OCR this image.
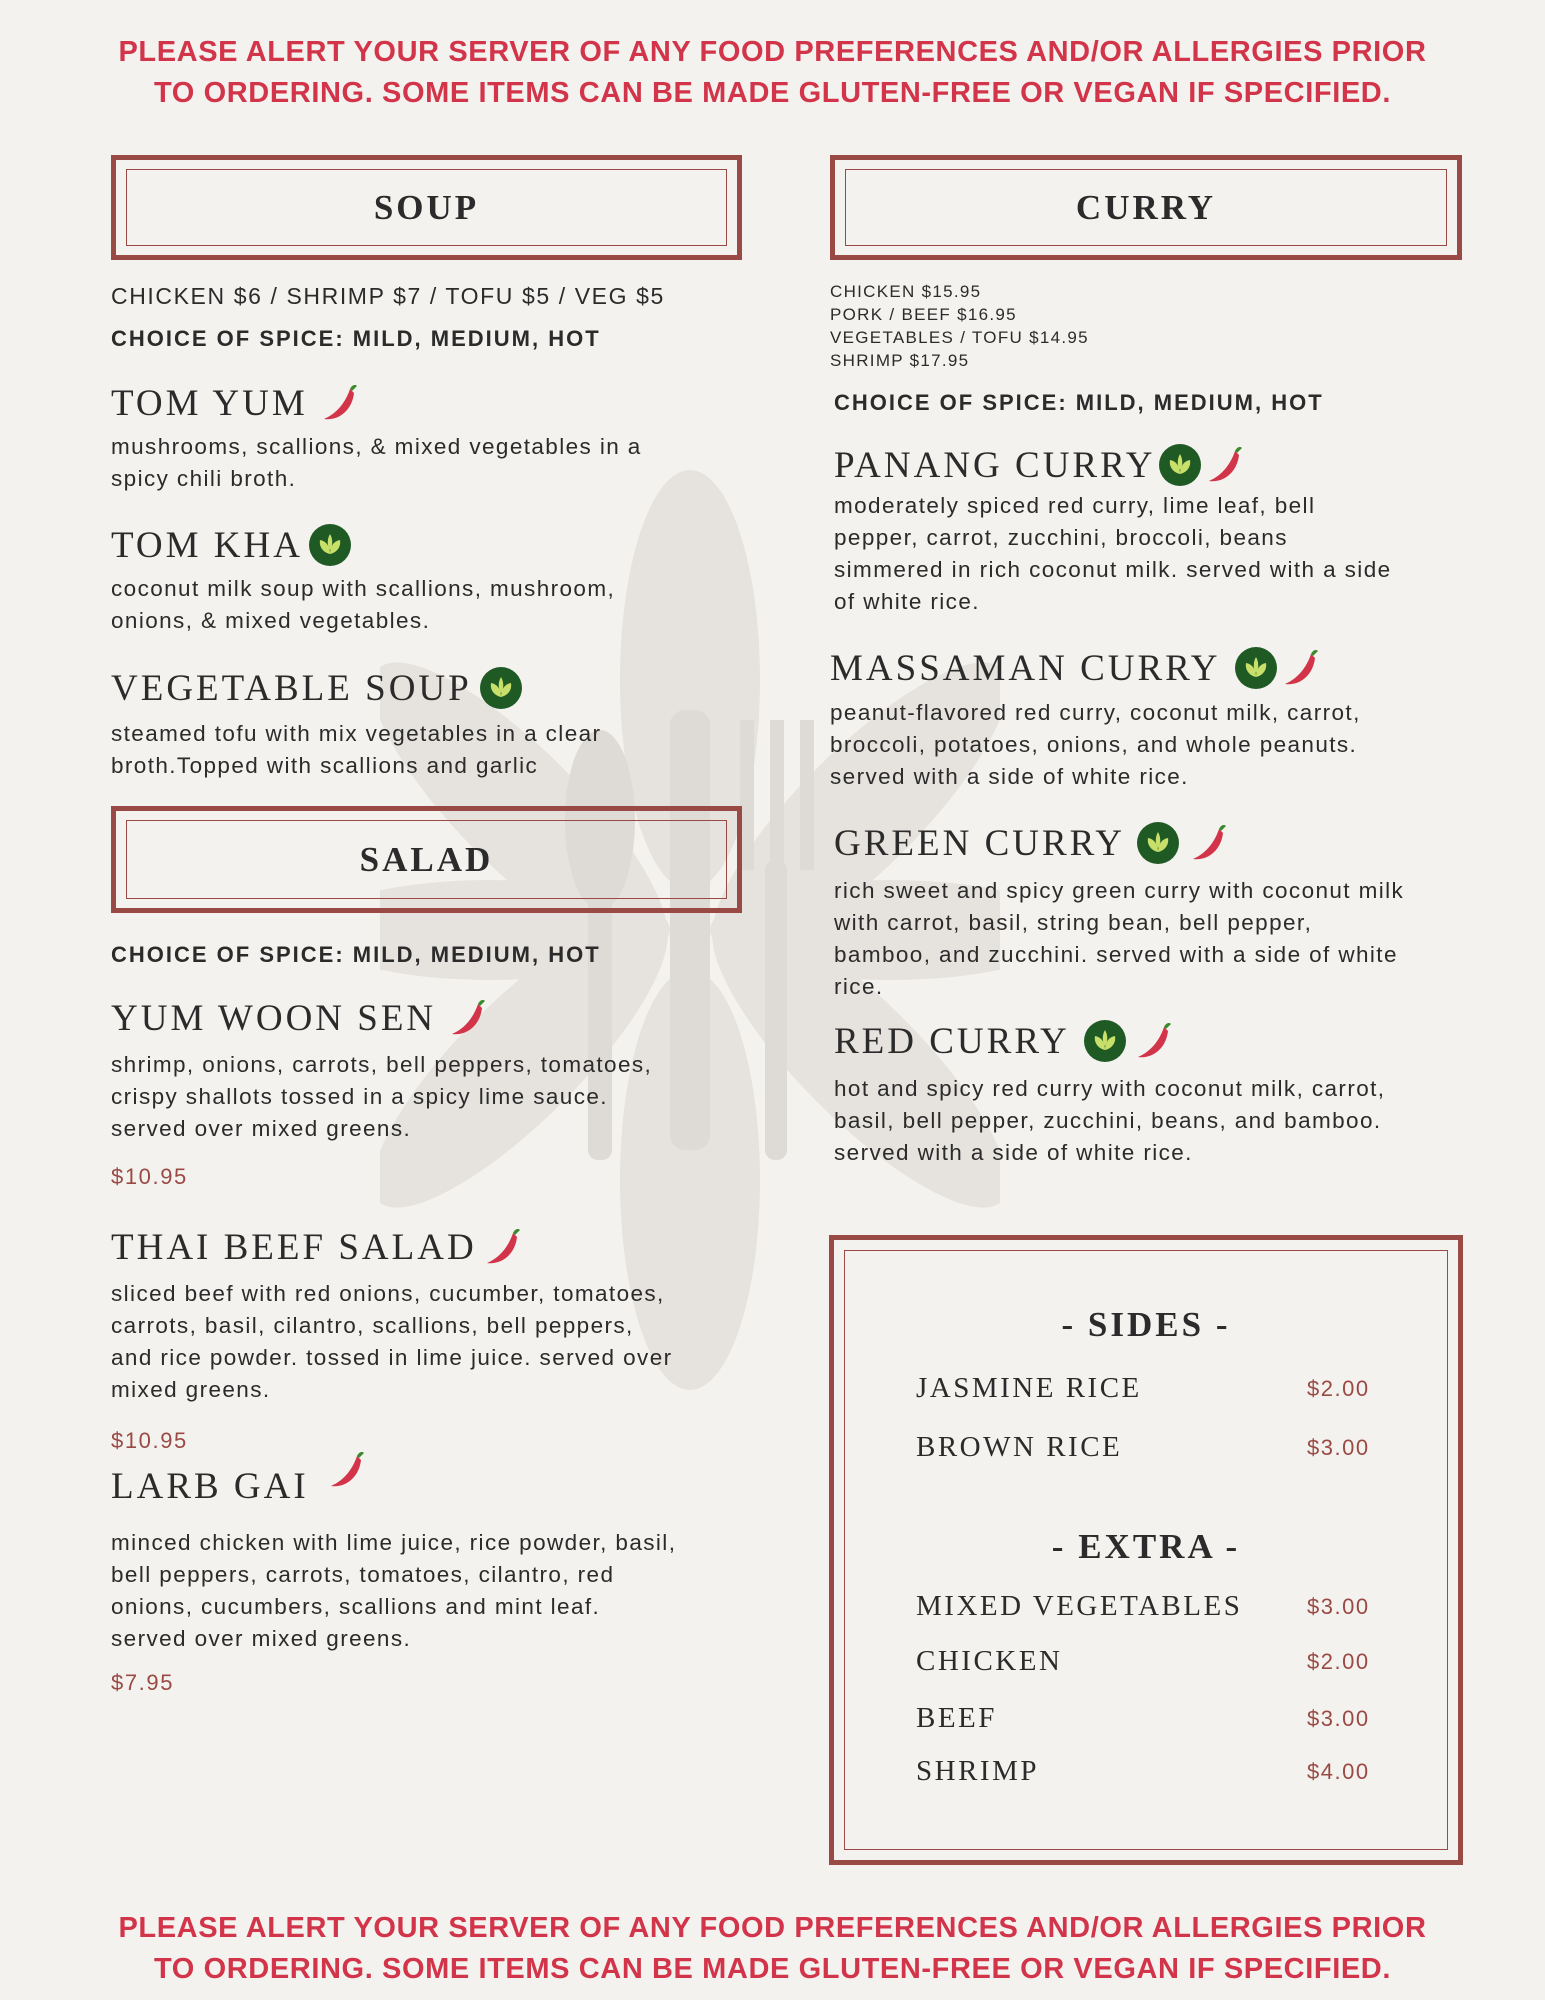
PLEASE ALERT YOUR SERVER OF ANY FOOD PREFERENCES AND/OR ALLERGIES PRIOR
TO ORDERING. SOME ITEMS CAN BE MADE GLUTEN-FREE OR VEGAN IF SPECIFIED.
SOUP
CHICKEN $6 / SHRIMP $7 / TOFU $5 / VEG $5
CHOICE OF SPICE: MILD, MEDIUM, HOT
TOM YUM
mushrooms, scallions, & mixed vegetables in a
spicy chili broth.
TOM KHA
coconut milk soup with scallions, mushroom,
onions, & mixed vegetables.
VEGETABLE SOUP
steamed tofu with mix vegetables in a clear
broth.Topped with scallions and garlic
SALAD
CHOICE OF SPICE: MILD, MEDIUM, HOT
YUM WOON SEN
shrimp, onions, carrots, bell peppers, tomatoes,
crispy shallots tossed in a spicy lime sauce.
served over mixed greens.
$10.95
THAI BEEF SALAD
sliced beef with red onions, cucumber, tomatoes,
carrots, basil, cilantro, scallions, bell peppers,
and rice powder. tossed in lime juice. served over
mixed greens.
$10.95
LARB GAI
minced chicken with lime juice, rice powder, basil,
bell peppers, carrots, tomatoes, cilantro, red
onions, cucumbers, scallions and mint leaf.
served over mixed greens.
$7.95
CURRY
CHICKEN $15.95
PORK / BEEF $16.95
VEGETABLES / TOFU $14.95
SHRIMP $17.95
CHOICE OF SPICE: MILD, MEDIUM, HOT
PANANG CURRY
moderately spiced red curry, lime leaf, bell
pepper, carrot, zucchini, broccoli, beans
simmered in rich coconut milk. served with a side
of white rice.
MASSAMAN CURRY
peanut-flavored red curry, coconut milk, carrot,
broccoli, potatoes, onions, and whole peanuts.
served with a side of white rice.
GREEN CURRY
rich sweet and spicy green curry with coconut milk
with carrot, basil, string bean, bell pepper,
bamboo, and zucchini. served with a side of white
rice.
RED CURRY
hot and spicy red curry with coconut milk, carrot,
basil, bell pepper, zucchini, beans, and bamboo.
served with a side of white rice.
- SIDES -
JASMINE RICE	$2.00
BROWN RICE	$3.00
- EXTRA -
MIXED VEGETABLES	$3.00
CHICKEN	$2.00
BEEF	$3.00
SHRIMP	$4.00
PLEASE ALERT YOUR SERVER OF ANY FOOD PREFERENCES AND/OR ALLERGIES PRIOR
TO ORDERING. SOME ITEMS CAN BE MADE GLUTEN-FREE OR VEGAN IF SPECIFIED.
